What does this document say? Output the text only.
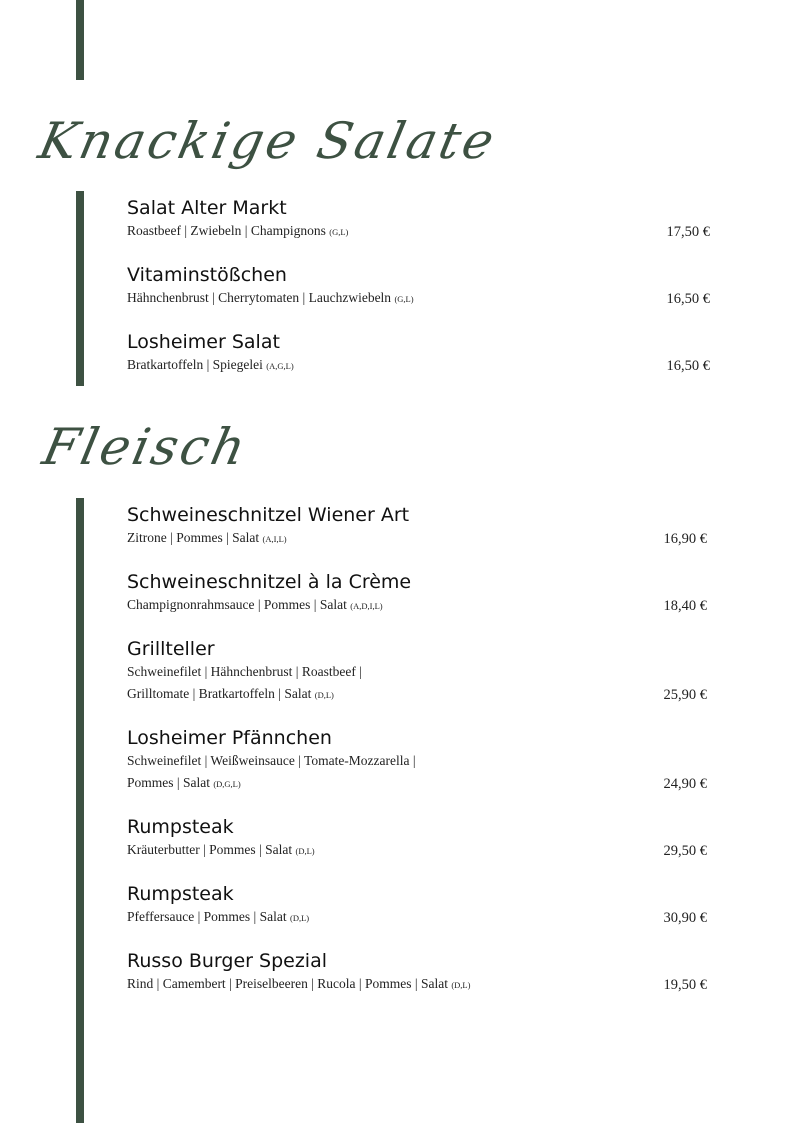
Knackige Salate
Salat Alter Markt
Roastbeef | Zwiebeln | Champignons (G,L)	17,50 €
Vitaminstößchen
Hähnchenbrust | Cherrytomaten | Lauchzwiebeln (G,L)	16,50 €
Losheimer Salat
Bratkartoffeln | Spiegelei (A,G,L)	16,50 €
Fleisch
Schweineschnitzel Wiener Art
Zitrone | Pommes | Salat (A,I,L)	16,90 €
Schweineschnitzel à la Crème
Champignonrahmsauce | Pommes | Salat (A,D,I,L)	18,40 €
Grillteller
Schweinefilet | Hähnchenbrust | Roastbeef |
Grilltomate | Bratkartoffeln | Salat (D,L)	25,90 €
Losheimer Pfännchen
Schweinefilet | Weißweinsauce | Tomate-Mozzarella |
Pommes | Salat (D,G,L)	24,90 €
Rumpsteak
Kräuterbutter | Pommes | Salat (D,L)	29,50 €
Rumpsteak
Pfeffersauce | Pommes | Salat (D,L)	30,90 €
Russo Burger Spezial
Rind | Camembert | Preiselbeeren | Rucola | Pommes | Salat (D,L)	19,50 €
